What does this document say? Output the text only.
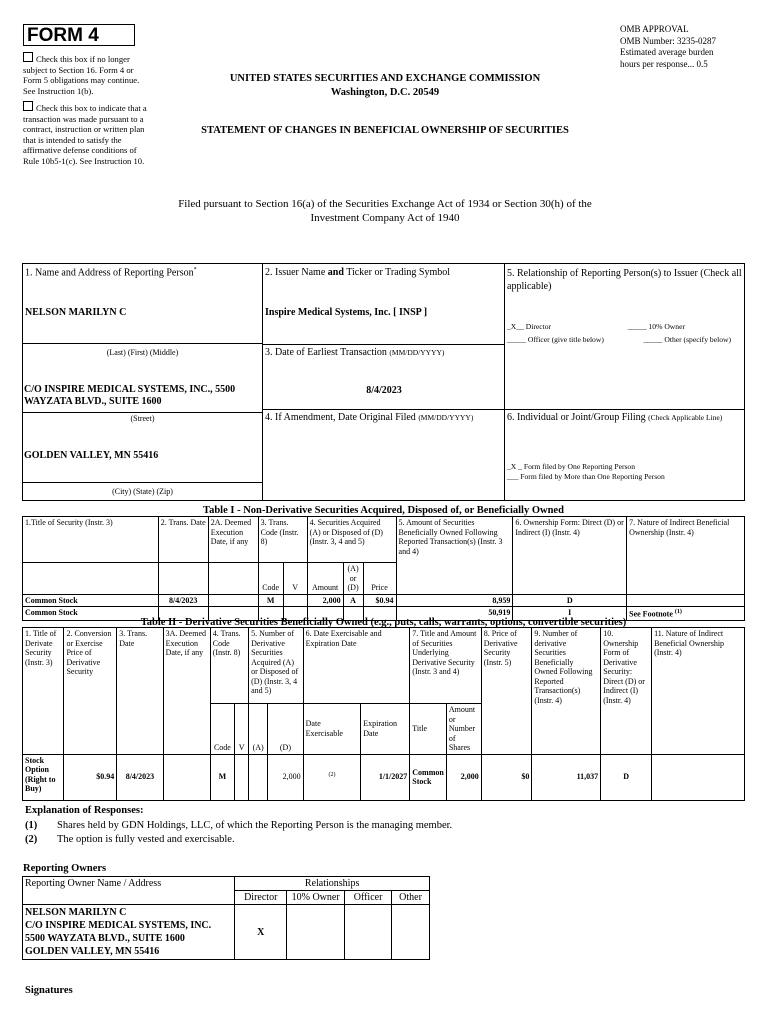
FORM 4
Check this box if no longer subject to Section 16. Form 4 or Form 5 obligations may continue. See Instruction 1(b).
Check this box to indicate that a transaction was made pursuant to a contract, instruction or written plan that is intended to satisfy the affirmative defense conditions of Rule 10b5-1(c). See Instruction 10.
OMB APPROVAL
OMB Number: 3235-0287
Estimated average burden
hours per response... 0.5
UNITED STATES SECURITIES AND EXCHANGE COMMISSION
Washington, D.C. 20549
STATEMENT OF CHANGES IN BENEFICIAL OWNERSHIP OF SECURITIES
Filed pursuant to Section 16(a) of the Securities Exchange Act of 1934 or Section 30(h) of the
Investment Company Act of 1940
1. Name and Address of Reporting Person*
NELSON MARILYN C
(Last) (First) (Middle)
C/O INSPIRE MEDICAL SYSTEMS, INC., 5500 WAYZATA BLVD., SUITE 1600
(Street)
GOLDEN VALLEY, MN 55416
(City) (State) (Zip)
2. Issuer Name and Ticker or Trading Symbol
Inspire Medical Systems, Inc. [ INSP ]
3. Date of Earliest Transaction (MM/DD/YYYY)
8/4/2023
4. If Amendment, Date Original Filed (MM/DD/YYYY)
5. Relationship of Reporting Person(s) to Issuer (Check all applicable)
_X__ Director	_____ 10% Owner
_____ Officer (give title below)	_____ Other (specify below)
6. Individual or Joint/Group Filing (Check Applicable Line)
_X _ Form filed by One Reporting Person
___ Form filed by More than One Reporting Person
Table I - Non-Derivative Securities Acquired, Disposed of, or Beneficially Owned
1.Title of Security (Instr. 3)	2. Trans. Date	2A. Deemed Execution Date, if any	3. Trans. Code (Instr. 8)		4. Securities Acquired (A) or Disposed of (D) (Instr. 3, 4 and 5)			5. Amount of Securities Beneficially Owned Following Reported Transaction(s) (Instr. 3 and 4)	6. Ownership Form: Direct (D) or Indirect (I) (Instr. 4)	7. Nature of Indirect Beneficial Ownership (Instr. 4)
			Code	V	Amount	(A) or (D)	Price			
Common Stock	8/4/2023		M		2,000	A	$0.94	8,959	D	
Common Stock								50,919	I	See Footnote $^{(1)}$
Table II - Derivative Securities Beneficially Owned (e.g., puts, calls, warrants, options, convertible securities)
1. Title of Derivate Security (Instr. 3)	2. Conversion or Exercise Price of Derivative Security	3. Trans. Date	3A. Deemed Execution Date, if any	4. Trans. Code (Instr. 8)		5. Number of Derivative Securities Acquired (A) or Disposed of (D) (Instr. 3, 4 and 5)		6. Date Exercisable and Expiration Date		7. Title and Amount of Securities Underlying Derivative Security (Instr. 3 and 4)		8. Price of Derivative Security (Instr. 5)	9. Number of derivative Securities Beneficially Owned Following Reported Transaction(s) (Instr. 4)	10. Ownership Form of Derivative Security: Direct (D) or Indirect (I) (Instr. 4)	11. Nature of Indirect Beneficial Ownership (Instr. 4)
				Code	V	(A)	(D)	Date Exercisable	Expiration Date	Title	Amount or Number of Shares				
Stock Option (Right to Buy)	$0.94	8/4/2023		M			2,000	$^{(2)}$	1/1/2027	Common Stock	2,000	$0	11,037	D	
Explanation of Responses:
(1) Shares held by GDN Holdings, LLC, of which the Reporting Person is the managing member.
(2) The option is fully vested and exercisable.
Reporting Owners
Reporting Owner Name / Address	Relationships			
	Director	10% Owner	Officer	Other

NELSON MARILYN C
C/O INSPIRE MEDICAL SYSTEMS, INC.
5500 WAYZATA BLVD., SUITE 1600
GOLDEN VALLEY, MN 55416	X			
Signatures
